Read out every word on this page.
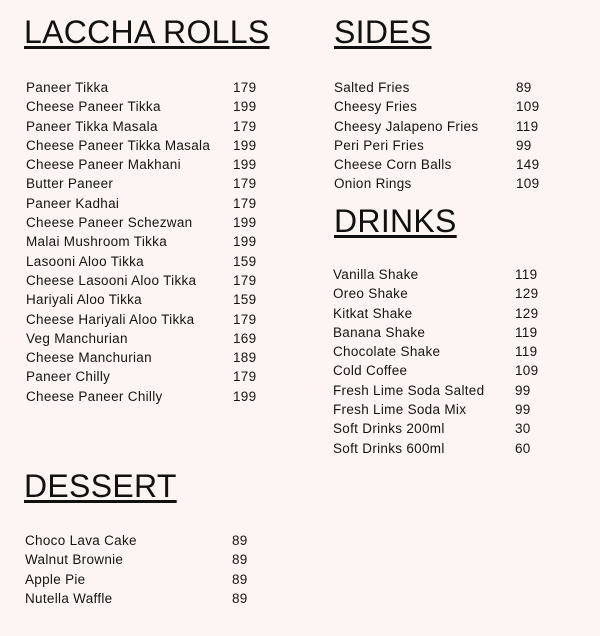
LACCHA ROLLS
Paneer Tikka	179
Cheese Paneer Tikka	199
Paneer Tikka Masala	179
Cheese Paneer Tikka Masala 199
Cheese Paneer Makhani	199
Butter Paneer	179
Paneer Kadhai	179
Cheese Paneer Schezwan	199
Malai Mushroom Tikka	199
Lasooni Aloo Tikka	159
Cheese Lasooni Aloo Tikka	179
Hariyali Aloo Tikka	159
Cheese Hariyali Aloo Tikka	179
Veg Manchurian	169
Cheese Manchurian	189
Paneer Chilly	179
Cheese Paneer Chilly	199
SIDES
Salted Fries	89
Cheesy Fries	109
Cheesy Jalapeno Fries	119
Peri Peri Fries	99
Cheese Corn Balls	149
Onion Rings	109
DRINKS
Vanilla Shake	119
Oreo Shake	129
Kitkat Shake	129
Banana Shake	119
Chocolate Shake	119
Cold Coffee	109
Fresh Lime Soda Salted 99
Fresh Lime Soda Mix	99
Soft Drinks 200ml	30
Soft Drinks 600ml	60
DESSERT
Choco Lava Cake	89
Walnut Brownie	89
Apple Pie	89
Nutella Waffle	89
